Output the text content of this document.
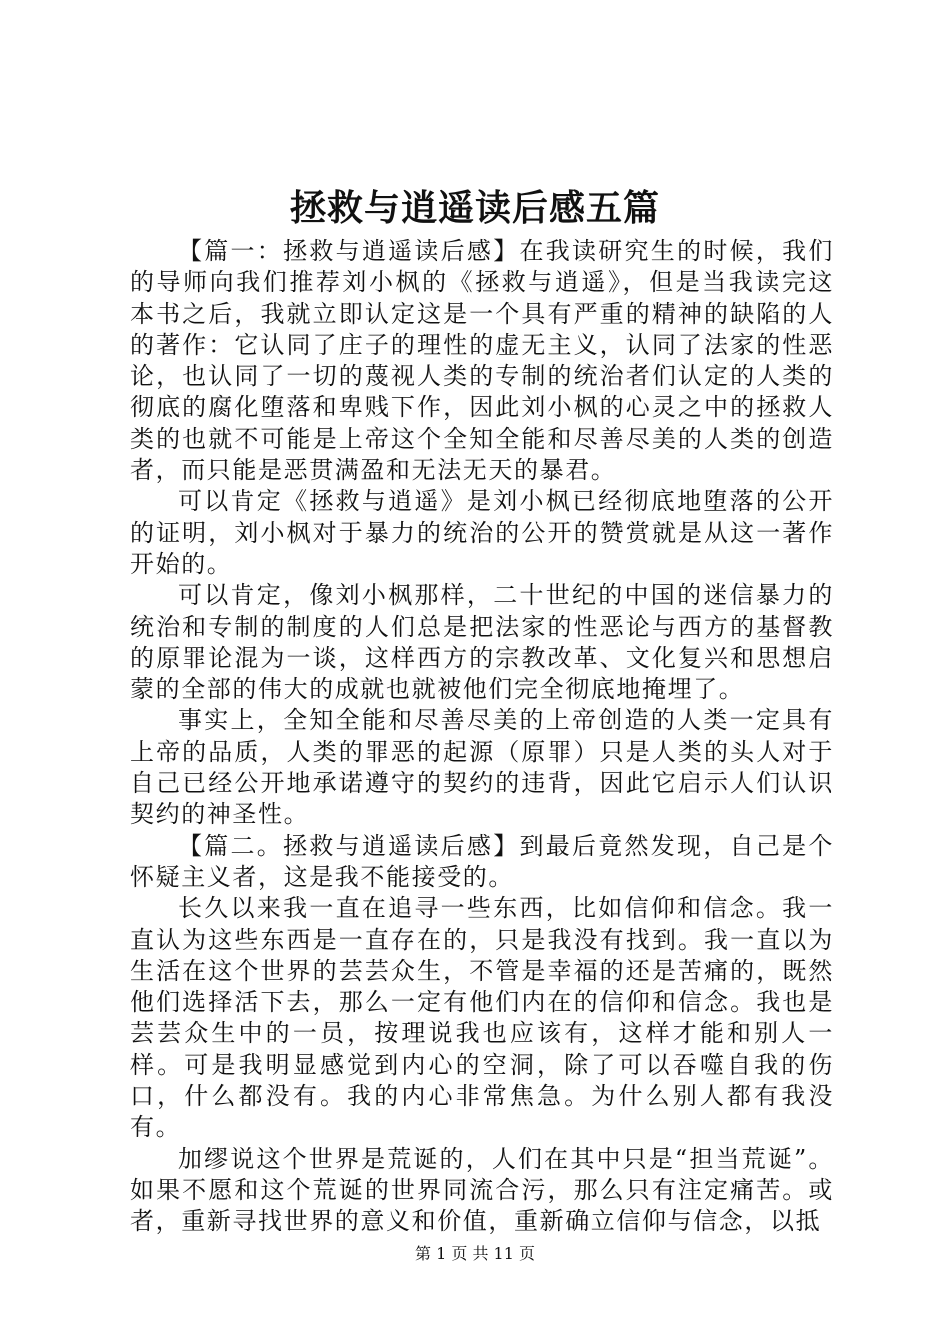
拯救与逍遥读后感五篇

【篇一：拯救与逍遥读后感】在我读研究生的时候，我们的导师向我们推荐刘小枫的《拯救与逍遥》，但是当我读完这本书之后，我就立即认定这是一个具有严重的精神的缺陷的人的著作：它认同了庄子的理性的虚无主义，认同了法家的性恶论，也认同了一切的蔑视人类的专制的统治者们认定的人类的彻底的腐化堕落和卑贱下作，因此刘小枫的心灵之中的拯救人类的也就不可能是上帝这个全知全能和尽善尽美的人类的创造者，而只能是恶贯满盈和无法无天的暴君。

可以肯定《拯救与逍遥》是刘小枫已经彻底地堕落的公开的证明，刘小枫对于暴力的统治的公开的赞赏就是从这一著作开始的。

可以肯定，像刘小枫那样，二十世纪的中国的迷信暴力的统治和专制的制度的人们总是把法家的性恶论与西方的基督教的原罪论混为一谈，这样西方的宗教改革、文化复兴和思想启蒙的全部的伟大的成就也就被他们完全彻底地掩埋了。

事实上，全知全能和尽善尽美的上帝创造的人类一定具有上帝的品质，人类的罪恶的起源（原罪）只是人类的头人对于自己已经公开地承诺遵守的契约的违背，因此它启示人们认识契约的神圣性。

【篇二。拯救与逍遥读后感】到最后竟然发现，自己是个怀疑主义者，这是我不能接受的。

长久以来我一直在追寻一些东西，比如信仰和信念。我一直认为这些东西是一直存在的，只是我没有找到。我一直以为生活在这个世界的芸芸众生，不管是幸福的还是苦痛的，既然他们选择活下去，那么一定有他们内在的信仰和信念。我也是芸芸众生中的一员，按理说我也应该有，这样才能和别人一样。可是我明显感觉到内心的空洞，除了可以吞噬自我的伤口，什么都没有。我的内心非常焦急。为什么别人都有我没有。

加缪说这个世界是荒诞的，人们在其中只是“担当荒诞”。如果不愿和这个荒诞的世界同流合污，那么只有注定痛苦。或者，重新寻找世界的意义和价值，重新确立信仰与信念，以抵

第 1 页 共 11 页
